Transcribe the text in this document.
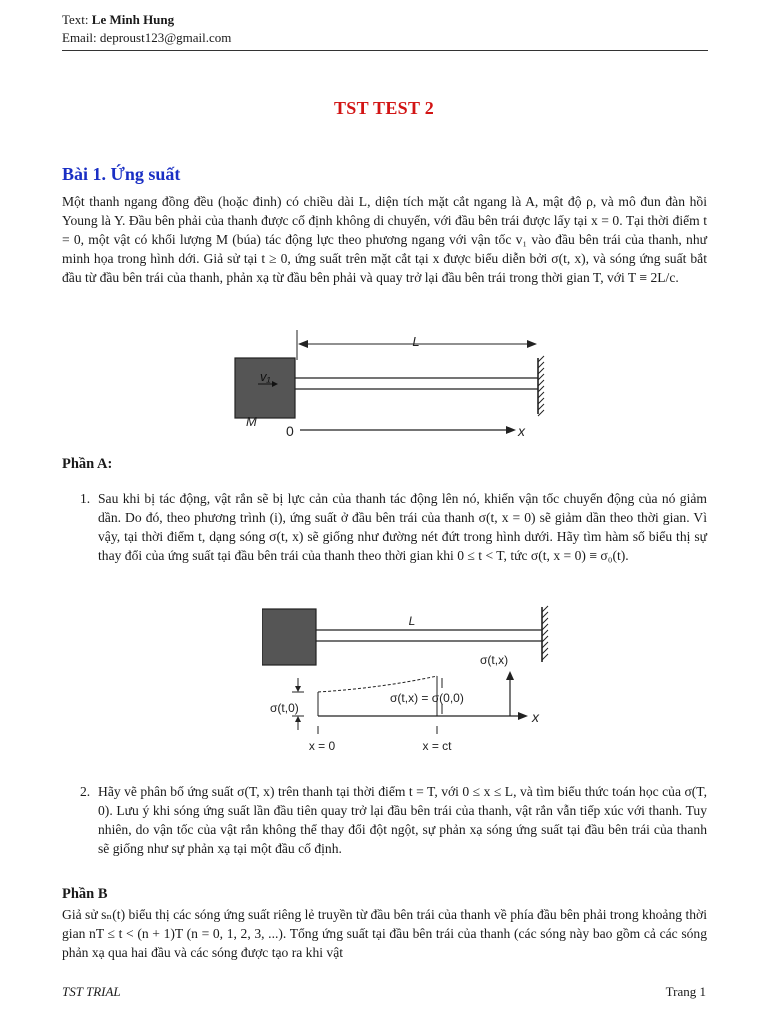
Text: Le Minh Hung
Email: deproust123@gmail.com
TST TEST 2
Bài 1. Ứng suất
Một thanh ngang đồng đều (hoặc đinh) có chiều dài L, diện tích mặt cắt ngang là A, mật độ ρ, và mô đun đàn hồi Young là Y. Đầu bên phải của thanh được cố định không di chuyển, với đầu bên trái được lấy tại x = 0. Tại thời điểm t = 0, một vật có khối lượng M (búa) tác động lực theo phương ngang với vận tốc v₁ vào đầu bên trái của thanh, như minh họa trong hình dới. Giả sử tại t ≥ 0, ứng suất trên mặt cắt tại x được biểu diễn bởi σ(t, x), và sóng ứng suất bắt đầu từ đầu bên trái của thanh, phản xạ từ đầu bên phải và quay trở lại đầu bên trái trong thời gian T, với T ≡ 2L/c.
L
v₁
M
0	x
Phần A:
1. Sau khi bị tác động, vật rắn sẽ bị lực cản của thanh tác động lên nó, khiến vận tốc chuyển động của nó giảm dần. Do đó, theo phương trình (i), ứng suất ở đầu bên trái của thanh σ(t, x = 0) sẽ giảm dần theo thời gian. Vì vậy, tại thời điểm t, dạng sóng σ(t, x) sẽ giống như đường nét đứt trong hình dưới. Hãy tìm hàm số biểu thị sự thay đổi của ứng suất tại đầu bên trái của thanh theo thời gian khi 0 ≤ t < T, tức σ(t, x = 0) ≡ σ₀(t).
L
σ(t,x)
x
σ(t,0)
σ(t,x) = σ(0,0)
x = 0	x = ct
2. Hãy vẽ phân bố ứng suất σ(T, x) trên thanh tại thời điểm t = T, với 0 ≤ x ≤ L, và tìm biểu thức toán học của σ(T, 0). Lưu ý khi sóng ứng suất lần đầu tiên quay trở lại đầu bên trái của thanh, vật rắn vẫn tiếp xúc với thanh. Tuy nhiên, do vận tốc của vật rắn không thể thay đổi đột ngột, sự phản xạ sóng ứng suất tại đầu bên trái của thanh sẽ giống như sự phản xạ tại một đầu cố định.
Phần B
Giả sử sₙ(t) biểu thị các sóng ứng suất riêng lẻ truyền từ đầu bên trái của thanh về phía đầu bên phải trong khoảng thời gian nT ≤ t < (n + 1)T (n = 0, 1, 2, 3, ...). Tổng ứng suất tại đầu bên trái của thanh (các sóng này bao gồm cả các sóng phản xạ qua hai đầu và các sóng được tạo ra khi vật
TST TRIAL	Trang 1
